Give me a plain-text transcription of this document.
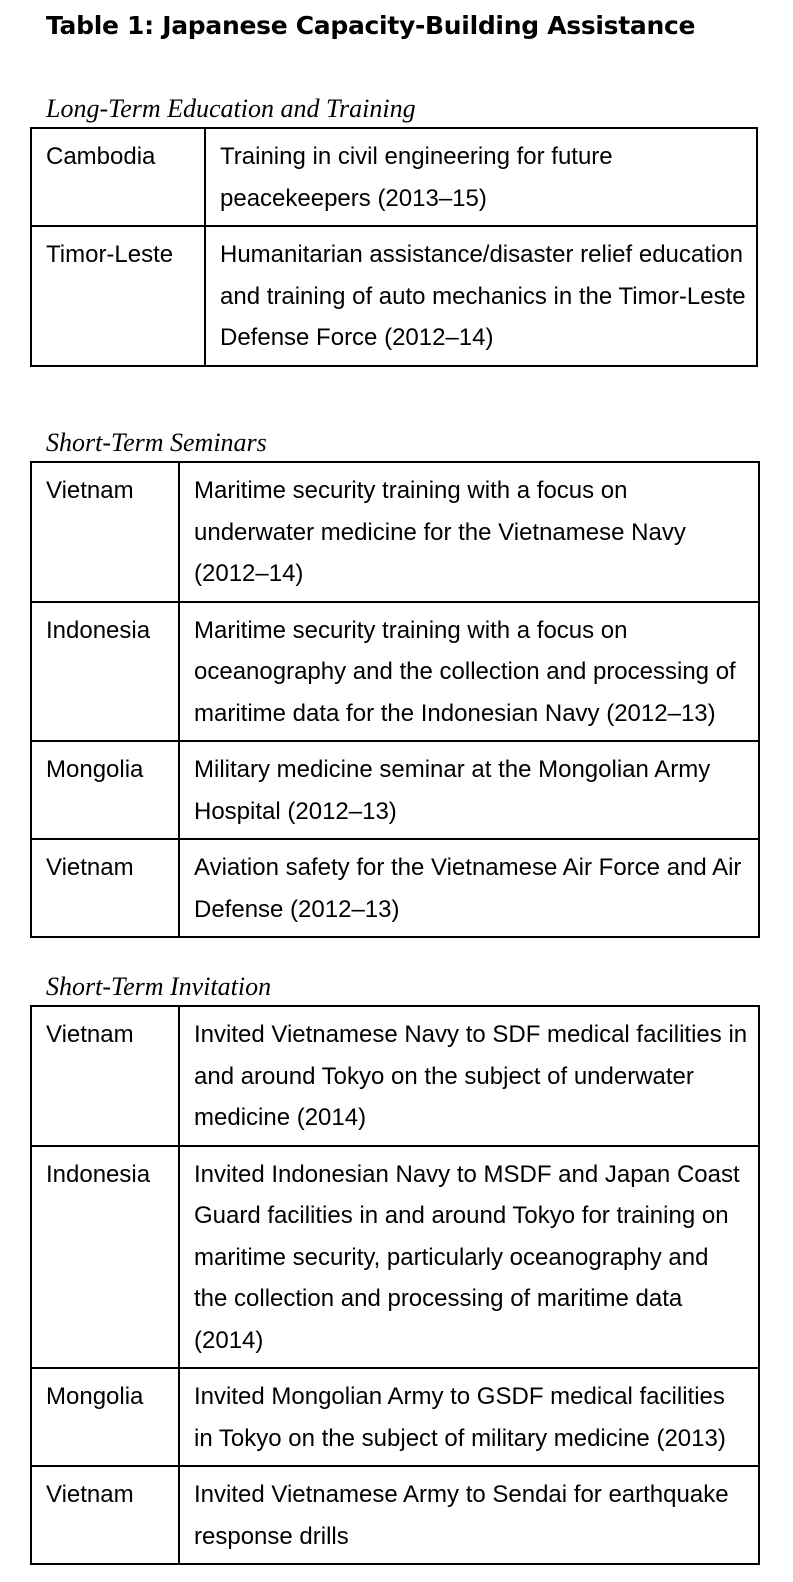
Table 1: Japanese Capacity-Building Assistance
Long-Term Education and Training
Cambodia	Training in civil engineering for future peacekeepers (2013–15)
Timor-Leste	Humanitarian assistance/disaster relief education and training of auto mechanics in the Timor-Leste Defense Force (2012–14)
Short-Term Seminars
Vietnam	Maritime security training with a focus on underwater medicine for the Vietnamese Navy (2012–14)
Indonesia	Maritime security training with a focus on oceanography and the collection and processing of maritime data for the Indonesian Navy (2012–13)
Mongolia	Military medicine seminar at the Mongolian Army Hospital (2012–13)
Vietnam	Aviation safety for the Vietnamese Air Force and Air Defense (2012–13)
Short-Term Invitation
Vietnam	Invited Vietnamese Navy to SDF medical facilities in and around Tokyo on the subject of underwater medicine (2014)
Indonesia	Invited Indonesian Navy to MSDF and Japan Coast Guard facilities in and around Tokyo for training on maritime security, particularly oceanography and the collection and processing of maritime data (2014)
Mongolia	Invited Mongolian Army to GSDF medical facilities in Tokyo on the subject of military medicine (2013)
Vietnam	Invited Vietnamese Army to Sendai for earthquake response drills
